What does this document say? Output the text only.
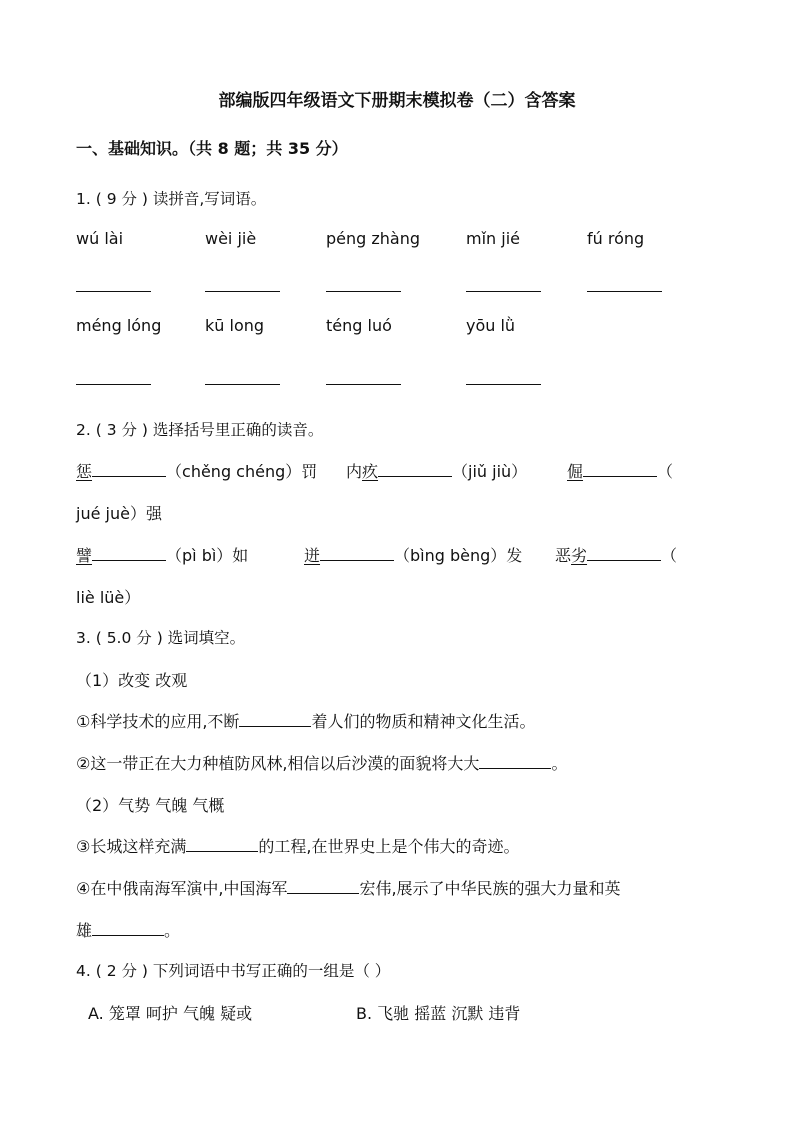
部编版四年级语文下册期末模拟卷（二）含答案
一、基础知识。（共 8 题；共 35 分）
1. ( 9 分 ) 读拼音,写词语。
wú lài	wèi jiè	péng zhàng	mǐn jié	fú róng
méng lóng	kū long	téng luó	yōu lǜ
2. ( 3 分 ) 选择括号里正确的读音。
惩	（chěng chéng）罚 内疚	（jiǔ jiù） 倔	（
jué juè）强
譬	（pì bì）如	迸	（bìng bèng）发 恶劣	（
liè lüè）
3. ( 5.0 分 ) 选词填空。
（1）改变 改观
①科学技术的应用,不断	着人们的物质和精神文化生活。
②这一带正在大力种植防风林,相信以后沙漠的面貌将大大	。
（2）气势 气魄 气概
③长城这样充满	的工程,在世界史上是个伟大的奇迹。
④在中俄南海军演中,中国海军	宏伟,展示了中华民族的强大力量和英
雄	。
4. ( 2 分 ) 下列词语中书写正确的一组是（ ）
A. 笼罩 呵护 气魄 疑或	B. 飞驰 摇蓝 沉默 违背
